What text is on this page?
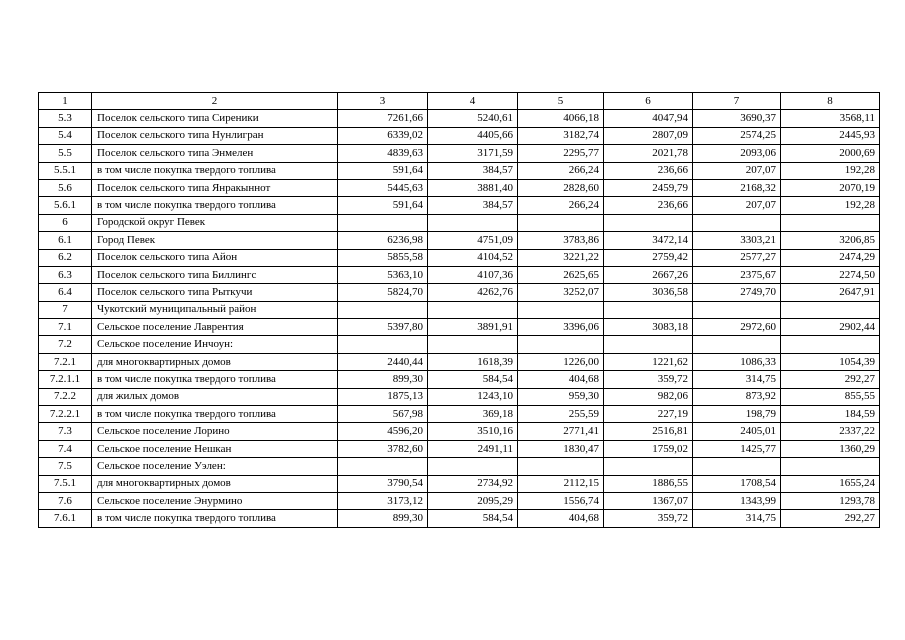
1	2	3	4	5	6	7	8
5.3	Поселок сельского типа Сиреники	7261,66	5240,61	4066,18	4047,94	3690,37	3568,11
5.4	Поселок сельского типа Нунлигран	6339,02	4405,66	3182,74	2807,09	2574,25	2445,93
5.5	Поселок сельского типа Энмелен	4839,63	3171,59	2295,77	2021,78	2093,06	2000,69
5.5.1	в том числе покупка твердого топлива	591,64	384,57	266,24	236,66	207,07	192,28
5.6	Поселок сельского типа Янракыннот	5445,63	3881,40	2828,60	2459,79	2168,32	2070,19
5.6.1	в том числе покупка твердого топлива	591,64	384,57	266,24	236,66	207,07	192,28
6	Городской округ Певек						
6.1	Город Певек	6236,98	4751,09	3783,86	3472,14	3303,21	3206,85
6.2	Поселок сельского типа Айон	5855,58	4104,52	3221,22	2759,42	2577,27	2474,29
6.3	Поселок сельского типа Биллингс	5363,10	4107,36	2625,65	2667,26	2375,67	2274,50
6.4	Поселок сельского типа Рыткучи	5824,70	4262,76	3252,07	3036,58	2749,70	2647,91
7	Чукотский муниципальный район						
7.1	Сельское поселение Лаврентия	5397,80	3891,91	3396,06	3083,18	2972,60	2902,44
7.2	Сельское поселение Инчоун:						
7.2.1	для многоквартирных домов	2440,44	1618,39	1226,00	1221,62	1086,33	1054,39
7.2.1.1	в том числе покупка твердого топлива	899,30	584,54	404,68	359,72	314,75	292,27
7.2.2	для жилых домов	1875,13	1243,10	959,30	982,06	873,92	855,55
7.2.2.1	в том числе покупка твердого топлива	567,98	369,18	255,59	227,19	198,79	184,59
7.3	Сельское поселение Лорино	4596,20	3510,16	2771,41	2516,81	2405,01	2337,22
7.4	Сельское поселение Нешкан	3782,60	2491,11	1830,47	1759,02	1425,77	1360,29
7.5	Сельское поселение Уэлен:						
7.5.1	для многоквартирных домов	3790,54	2734,92	2112,15	1886,55	1708,54	1655,24
7.6	Сельское поселение Энурмино	3173,12	2095,29	1556,74	1367,07	1343,99	1293,78
7.6.1	в том числе покупка твердого топлива	899,30	584,54	404,68	359,72	314,75	292,27
